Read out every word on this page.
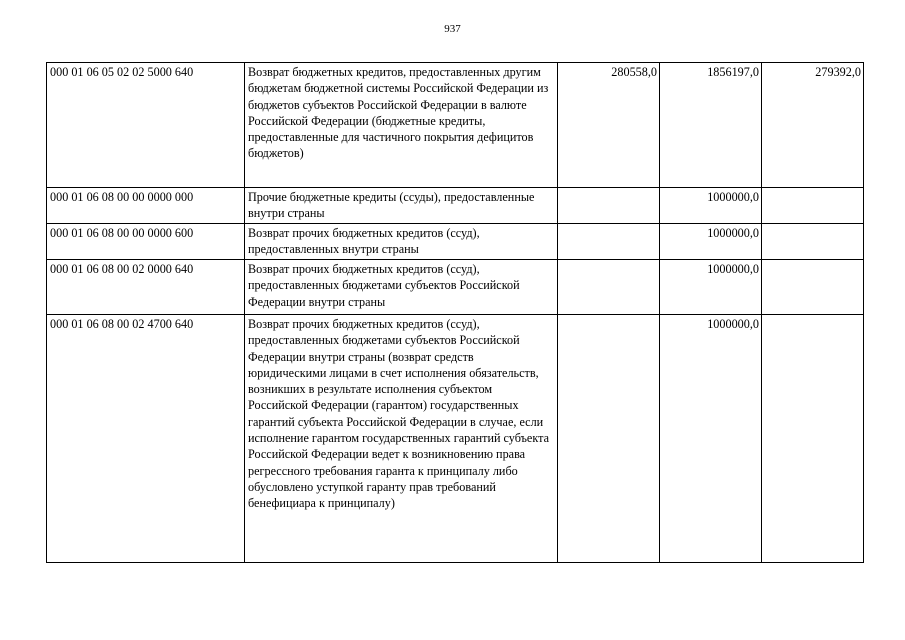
937
000 01 06 05 02 02 5000 640	Возврат бюджетных кредитов, предоставленных другим бюджетам бюджетной системы Российской Федерации из бюджетов субъектов Российской Федерации в валюте Российской Федерации (бюджетные кредиты, предоставленные для частичного покрытия дефицитов бюджетов)	280558,0	1856197,0	279392,0
000 01 06 08 00 00 0000 000	Прочие бюджетные кредиты (ссуды), предоставленные внутри страны		1000000,0	
000 01 06 08 00 00 0000 600	Возврат прочих бюджетных кредитов (ссуд), предоставленных внутри страны		1000000,0	
000 01 06 08 00 02 0000 640	Возврат прочих бюджетных кредитов (ссуд), предоставленных бюджетами субъектов Российской Федерации внутри страны		1000000,0	
000 01 06 08 00 02 4700 640	Возврат прочих бюджетных кредитов (ссуд), предоставленных бюджетами субъектов Российской Федерации внутри страны (возврат средств юридическими лицами в счет исполнения обязательств, возникших в результате исполнения субъектом Российской Федерации (гарантом) государственных гарантий субъекта Российской Федерации в случае, если исполнение гарантом государственных гарантий субъекта Российской Федерации ведет к возникновению права регрессного требования гаранта к принципалу либо обусловлено уступкой гаранту прав требований бенефициара к принципалу)		1000000,0	
